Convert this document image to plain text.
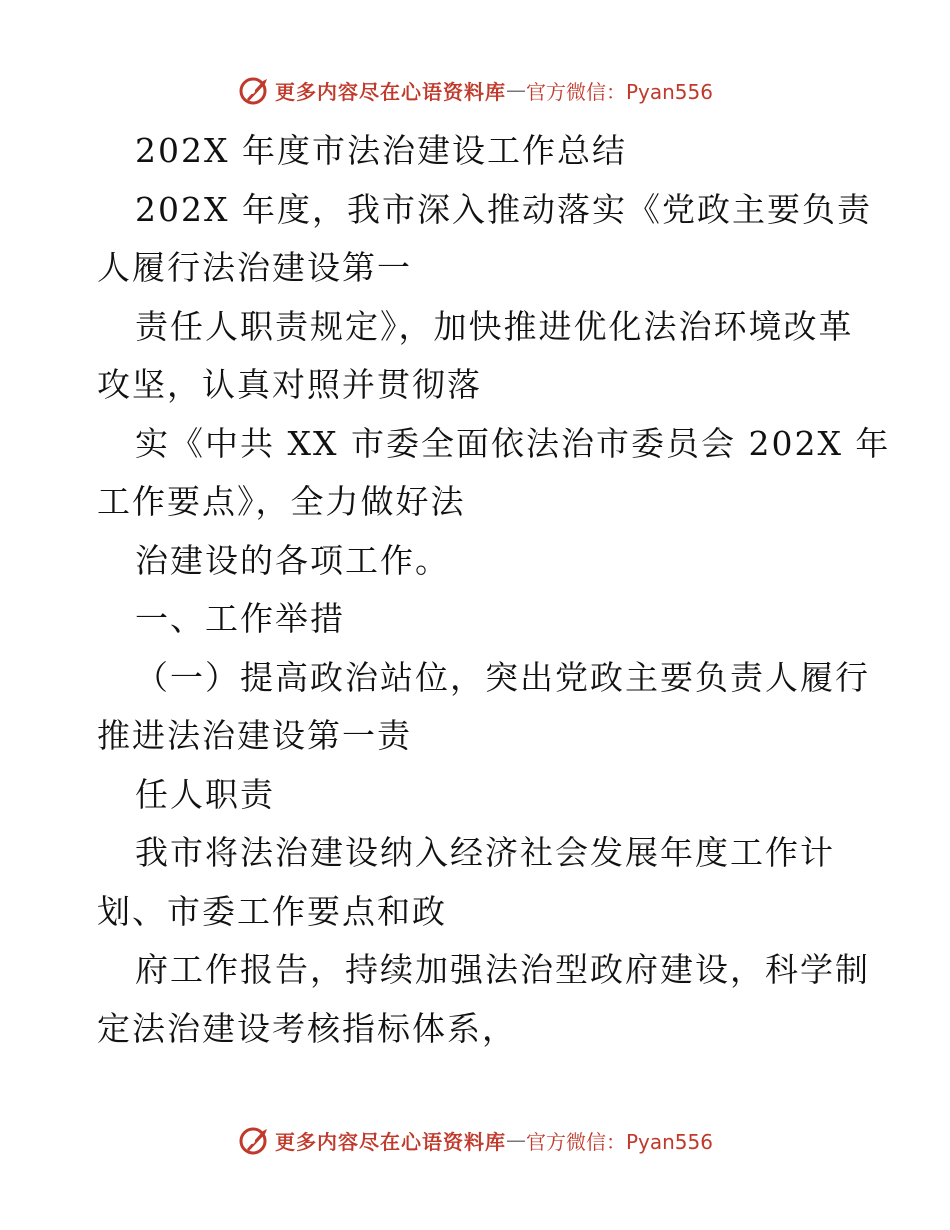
更多内容尽在心语资料库 — 官方微信：Pyan556
202X 年度市法治建设工作总结
202X 年度，我市深入推动落实《党政主要负责
人履行法治建设第一
责任人职责规定》，加快推进优化法治环境改革
攻坚，认真对照并贯彻落
实《中共 XX 市委全面依法治市委员会 202X 年
工作要点》，全力做好法
治建设的各项工作。
一、工作举措
（一）提高政治站位，突出党政主要负责人履行
推进法治建设第一责
任人职责
我市将法治建设纳入经济社会发展年度工作计
划、市委工作要点和政
府工作报告，持续加强法治型政府建设，科学制
定法治建设考核指标体系，
更多内容尽在心语资料库 — 官方微信：Pyan556
